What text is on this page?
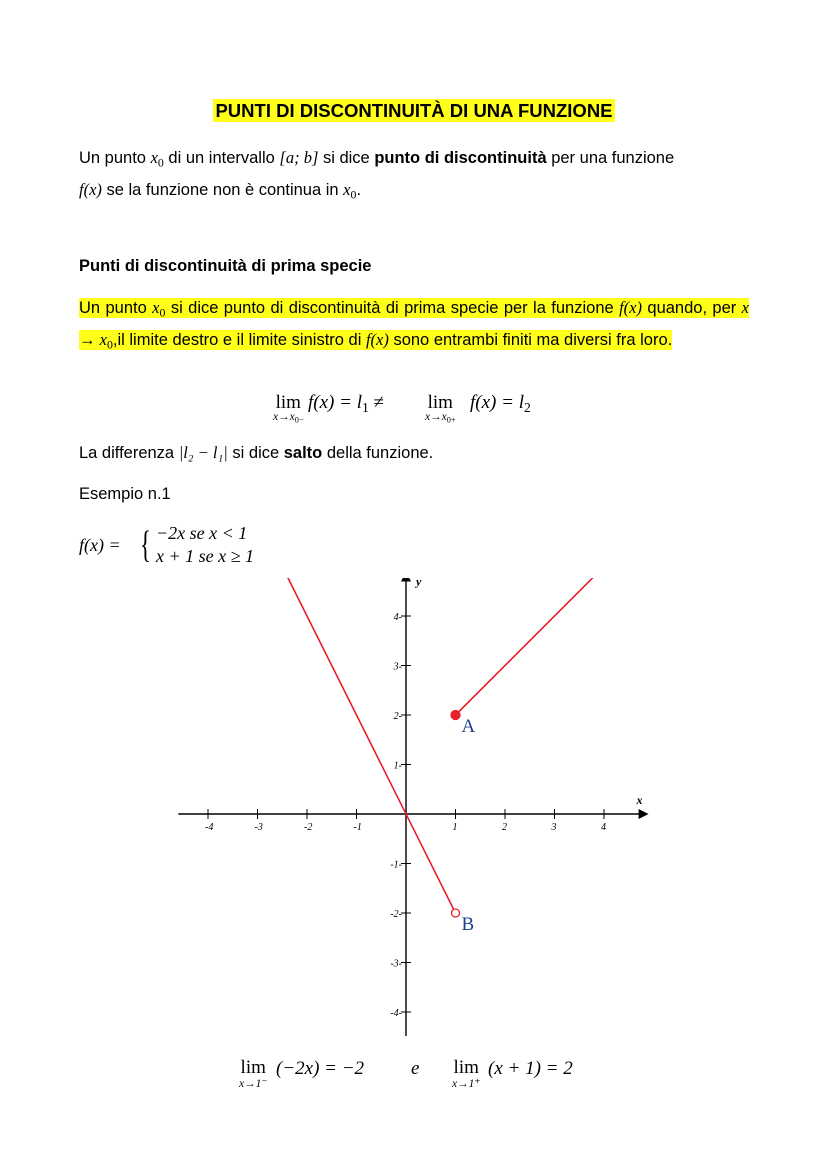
PUNTI DI DISCONTINUITÀ DI UNA FUNZIONE
Un punto $x_0$ di un intervallo [a; b] si dice punto di discontinuità per una funzione
f(x) se la funzione non è continua in $x_0$.
Punti di discontinuità di prima specie
Un punto $x_0$ si dice punto di discontinuità di prima specie per la funzione f(x) quando, per $x \to x_0,il$ limite destro e il limite sinistro di f(x) sono entrambi finiti ma diversi fra loro.
lim
$x\to x_{0-}$
$f(x) = l_1 \ne \lim$
$x\to x_{0+}$
$f(x) = l_2$
La differenza |l₂ − l₁| si dice salto della funzione.
Esempio n.1
f(x) = { −2x se x < 1
x + 1 se x ≥ 1
x
y
-4	-3	-2	-1	1	2	3	4
-4-
-3-
-2-
-1-
1-
2-
3-
4-
A
B
lim
x→1⁻
(−2x) = −2 e lim
x→1⁺
(x + 1) = 2
